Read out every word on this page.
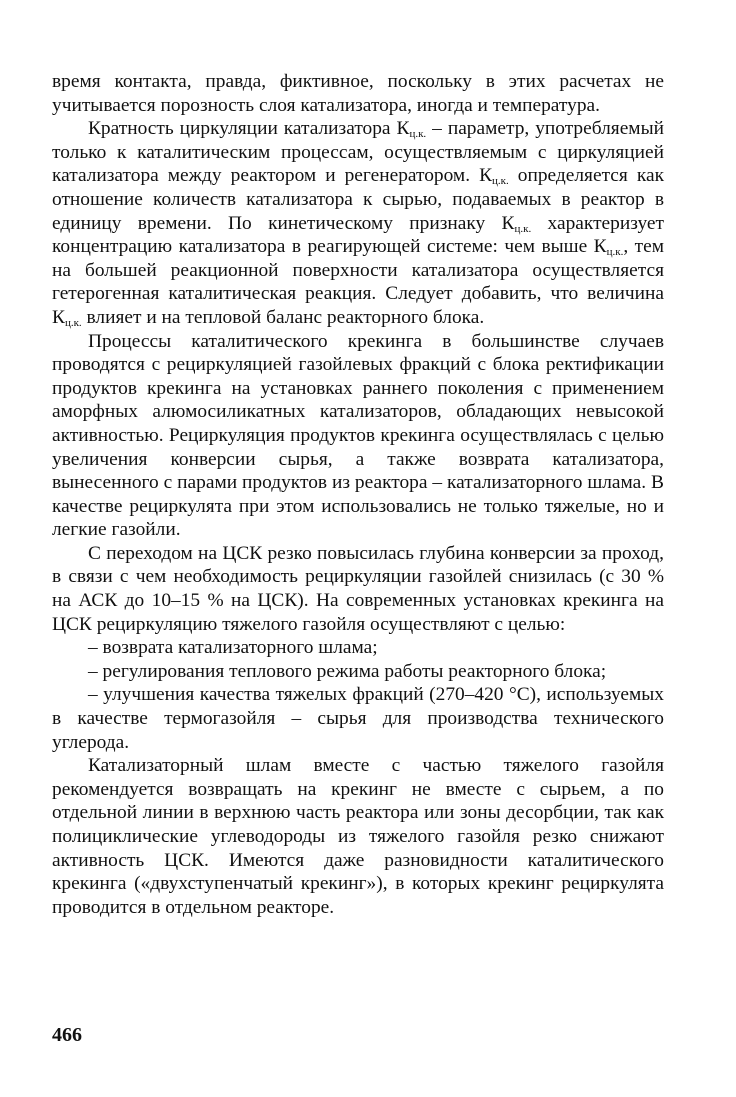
время контакта, правда, фиктивное, поскольку в этих расчетах не учитывается порозность слоя катализатора, иногда и температура.

Кратность циркуляции катализатора $К_{ц.к.}$ – параметр, употребляемый только к каталитическим процессам, осуществляемым с циркуляцией катализатора между реактором и регенератором. $К_{ц.к.}$ определяется как отношение количеств катализатора к сырью, подаваемых в реактор в единицу времени. По кинетическому признаку $К_{ц.к.}$ характеризует концентрацию катализатора в реагирующей системе: чем выше $К_{ц.к.}$, тем на большей реакционной поверхности катализатора осуществляется гетерогенная каталитическая реакция. Следует добавить, что величина $К_{ц.к.}$ влияет и на тепловой баланс реакторного блока.

Процессы каталитического крекинга в большинстве случаев проводятся с рециркуляцией газойлевых фракций с блока ректификации продуктов крекинга на установках раннего поколения с применением аморфных алюмосиликатных катализаторов, обладающих невысокой активностью. Рециркуляция продуктов крекинга осуществлялась с целью увеличения конверсии сырья, а также возврата катализатора, вынесенного с парами продуктов из реактора – катализаторного шлама. В качестве рециркулята при этом использовались не только тяжелые, но и легкие газойли.

С переходом на ЦСК резко повысилась глубина конверсии за проход, в связи с чем необходимость рециркуляции газойлей снизилась (с 30 % на АСК до 10–15 % на ЦСК). На современных установках крекинга на ЦСК рециркуляцию тяжелого газойля осуществляют с целью:

– возврата катализаторного шлама;

– регулирования теплового режима работы реакторного блока;

– улучшения качества тяжелых фракций (270–420 °С), используемых в качестве термогазойля – сырья для производства технического углерода.

Катализаторный шлам вместе с частью тяжелого газойля рекомендуется возвращать на крекинг не вместе с сырьем, а по отдельной линии в верхнюю часть реактора или зоны десорбции, так как полициклические углеводороды из тяжелого газойля резко снижают активность ЦСК. Имеются даже разновидности каталитического крекинга («двухступенчатый крекинг»), в которых крекинг рециркулята проводится в отдельном реакторе.

466
